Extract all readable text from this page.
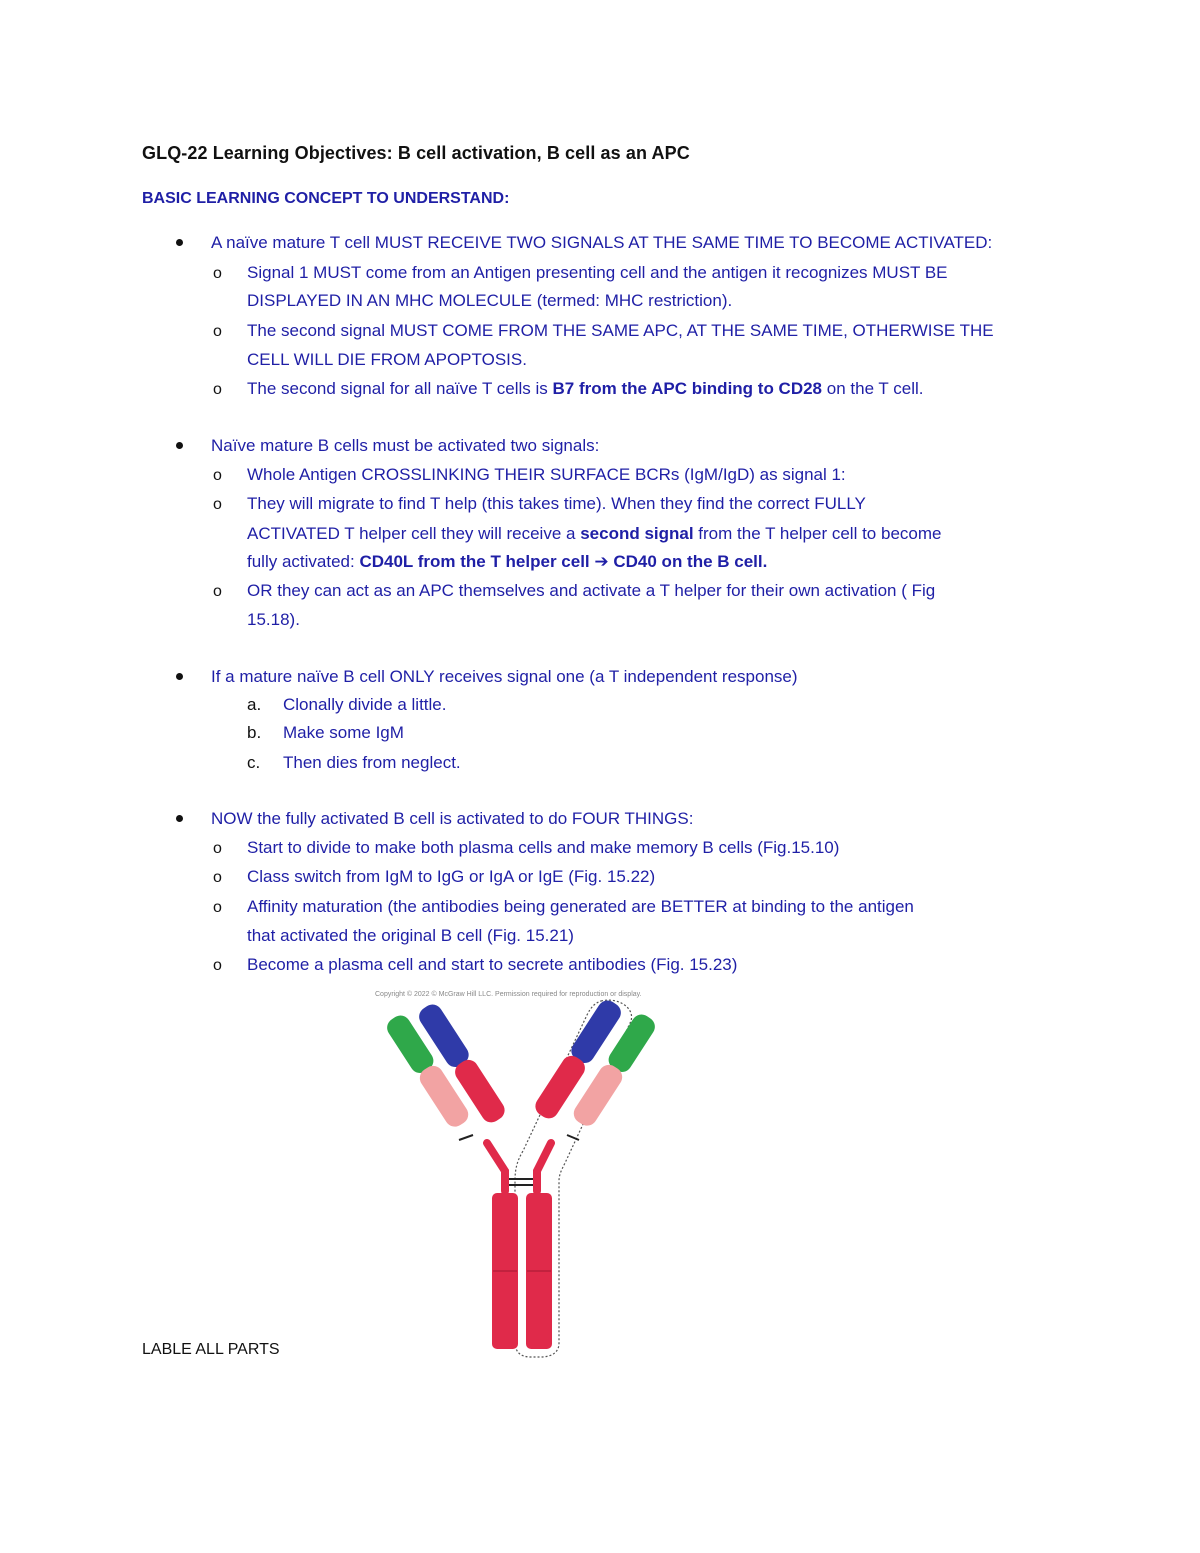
GLQ-22 Learning Objectives: B cell activation, B cell as an APC
BASIC LEARNING CONCEPT TO UNDERSTAND:
A naïve mature T cell MUST RECEIVE TWO SIGNALS AT THE SAME TIME TO BECOME ACTIVATED:
o Signal 1 MUST come from an Antigen presenting cell and the antigen it recognizes MUST BE
DISPLAYED IN AN MHC MOLECULE (termed: MHC restriction).
o The second signal MUST COME FROM THE SAME APC, AT THE SAME TIME, OTHERWISE THE
CELL WILL DIE FROM APOPTOSIS.
o The second signal for all naïve T cells is B7 from the APC binding to CD28 on the T cell.
Naïve mature B cells must be activated two signals:
o Whole Antigen CROSSLINKING THEIR SURFACE BCRs (IgM/IgD) as signal 1:
o They will migrate to find T help (this takes time). When they find the correct FULLY
ACTIVATED T helper cell they will receive a second signal from the T helper cell to become
fully activated: CD40L from the T helper cell ➔ CD40 on the B cell.
o OR they can act as an APC themselves and activate a T helper for their own activation ( Fig
15.18).
If a mature naïve B cell ONLY receives signal one (a T independent response)
a. Clonally divide a little.
b. Make some IgM
c. Then dies from neglect.
NOW the fully activated B cell is activated to do FOUR THINGS:
o Start to divide to make both plasma cells and make memory B cells (Fig.15.10)
o Class switch from IgM to IgG or IgA or IgE (Fig. 15.22)
o Affinity maturation (the antibodies being generated are BETTER at binding to the antigen
that activated the original B cell (Fig. 15.21)
o Become a plasma cell and start to secrete antibodies (Fig. 15.23)
Copyright © 2022 © McGraw Hill LLC. Permission required for reproduction or display.
LABLE ALL PARTS
